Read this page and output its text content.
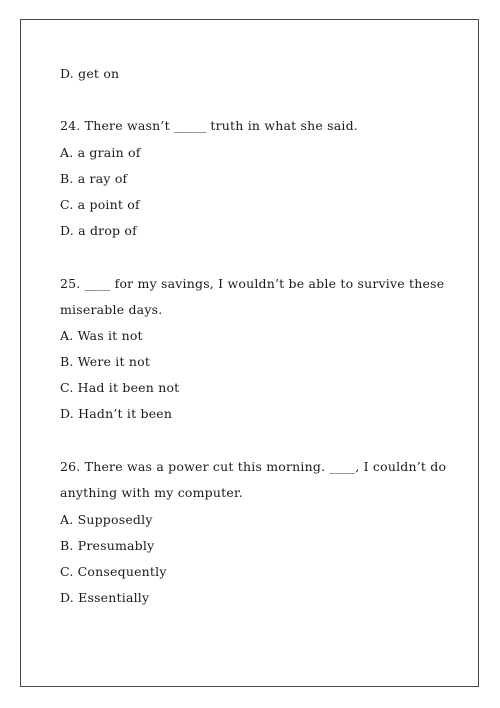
D. get on
24. There wasn’t _____ truth in what she said.
A. a grain of
B. a ray of
C. a point of
D. a drop of
25. ____ for my savings, I wouldn’t be able to survive these
miserable days.
A. Was it not
B. Were it not
C. Had it been not
D. Hadn’t it been
26. There was a power cut this morning. ____, I couldn’t do
anything with my computer.
A. Supposedly
B. Presumably
C. Consequently
D. Essentially
